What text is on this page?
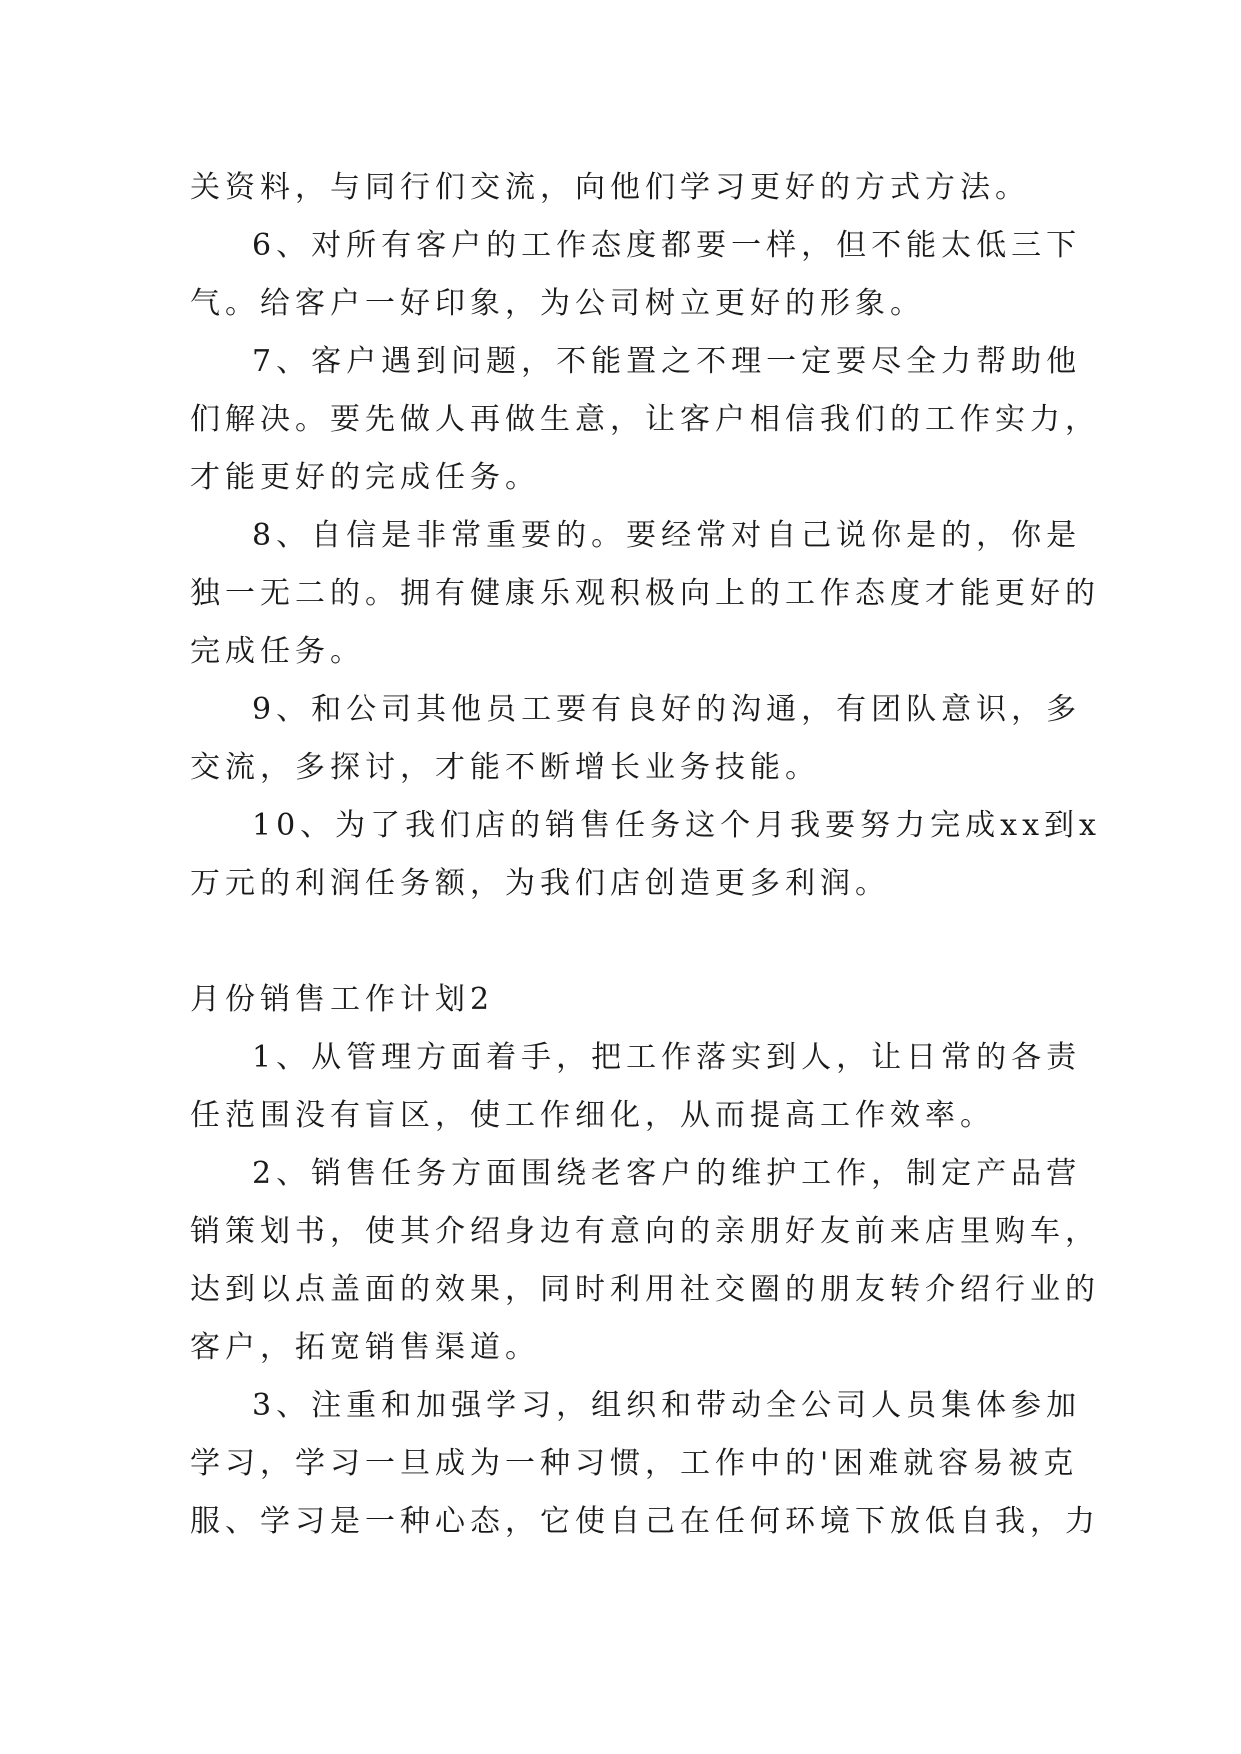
关资料，与同行们交流，向他们学习更好的方式方法。
6、对所有客户的工作态度都要一样，但不能太低三下
气。给客户一好印象，为公司树立更好的形象。
7、客户遇到问题，不能置之不理一定要尽全力帮助他
们解决。要先做人再做生意，让客户相信我们的工作实力，
才能更好的完成任务。
8、自信是非常重要的。要经常对自己说你是的，你是
独一无二的。拥有健康乐观积极向上的工作态度才能更好的
完成任务。
9、和公司其他员工要有良好的沟通，有团队意识，多
交流，多探讨，才能不断增长业务技能。
10、为了我们店的销售任务这个月我要努力完成xx到x
万元的利润任务额，为我们店创造更多利润。
月份销售工作计划2
1、从管理方面着手，把工作落实到人，让日常的各责
任范围没有盲区，使工作细化，从而提高工作效率。
2、销售任务方面围绕老客户的维护工作，制定产品营
销策划书，使其介绍身边有意向的亲朋好友前来店里购车，
达到以点盖面的效果，同时利用社交圈的朋友转介绍行业的
客户，拓宽销售渠道。
3、注重和加强学习，组织和带动全公司人员集体参加
学习，学习一旦成为一种习惯，工作中的'困难就容易被克
服、学习是一种心态，它使自己在任何环境下放低自我，力
